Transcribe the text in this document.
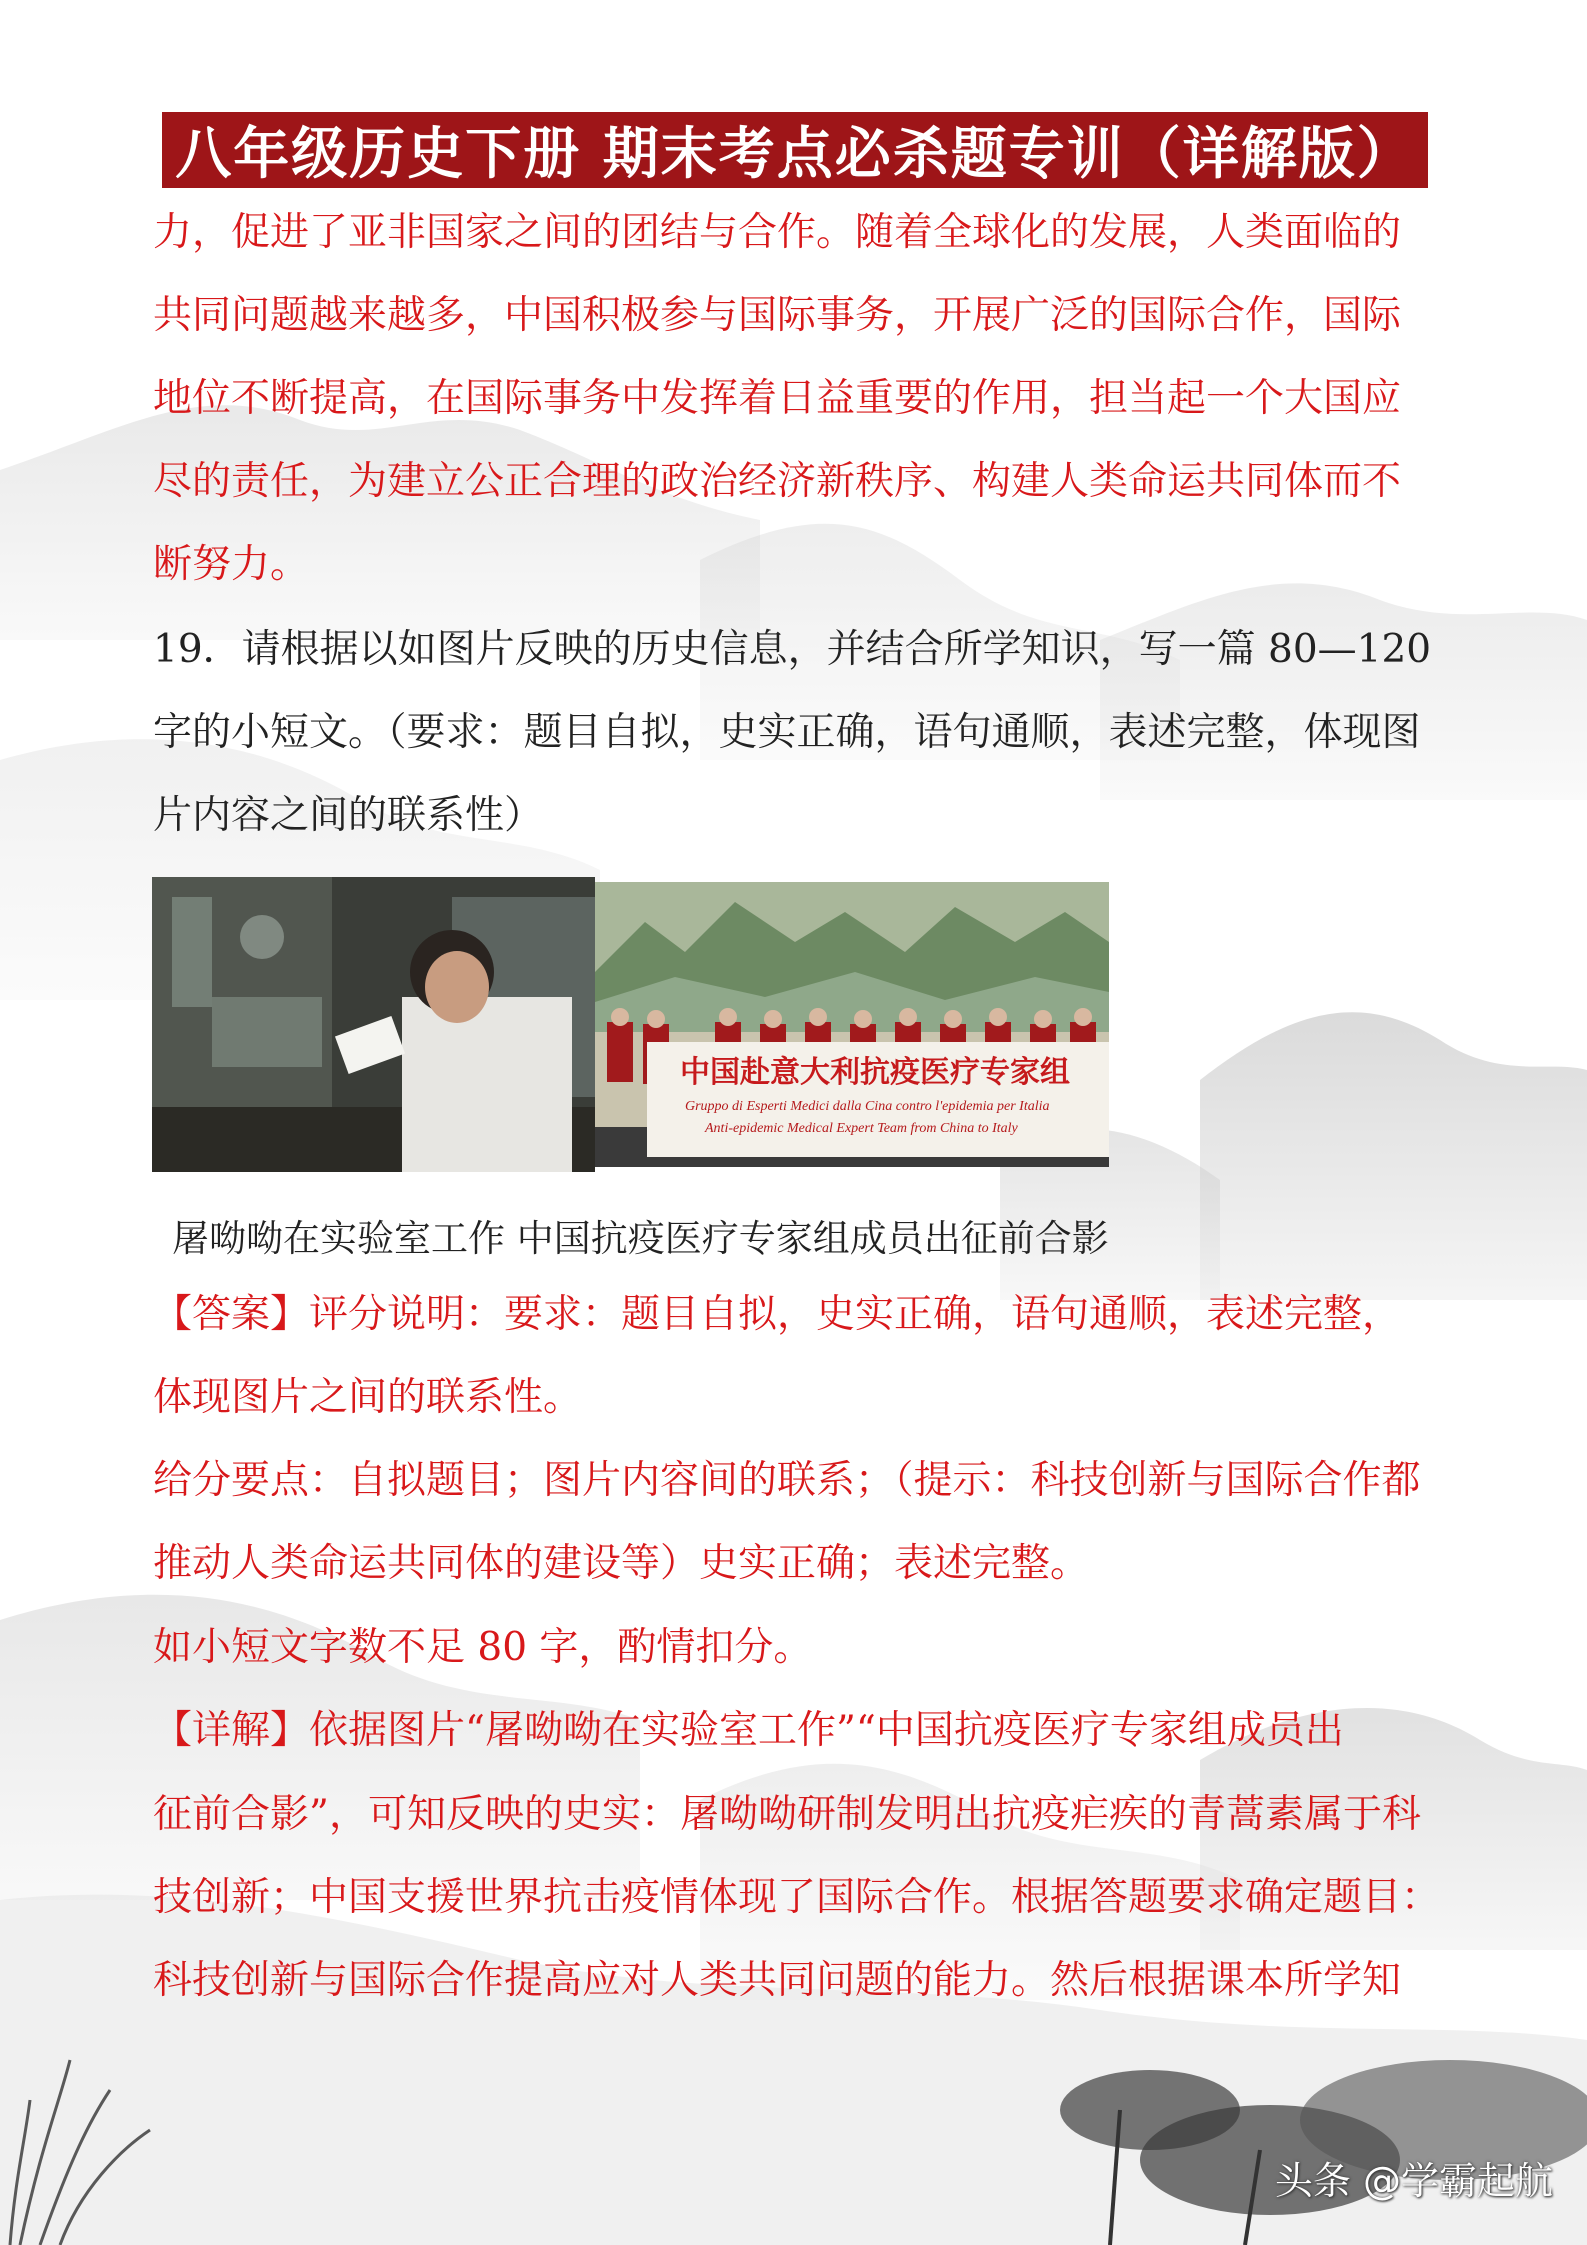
八年级历史下册 期末考点必杀题专训（详解版）
力，促进了亚非国家之间的团结与合作。随着全球化的发展，人类面临的
共同问题越来越多，中国积极参与国际事务，开展广泛的国际合作，国际
地位不断提高，在国际事务中发挥着日益重要的作用，担当起一个大国应
尽的责任，为建立公正合理的政治经济新秩序、构建人类命运共同体而不
断努力。
19．请根据以如图片反映的历史信息，并结合所学知识，写一篇 80—120
字的小短文。（要求：题目自拟，史实正确，语句通顺，表述完整，体现图
片内容之间的联系性）
【答案】评分说明：要求：题目自拟，史实正确，语句通顺，表述完整，
体现图片之间的联系性。
给分要点：自拟题目；图片内容间的联系；（提示：科技创新与国际合作都
推动人类命运共同体的建设等）史实正确；表述完整。
如小短文字数不足 80 字，酌情扣分。
【详解】依据图片“屠呦呦在实验室工作”“中国抗疫医疗专家组成员出
征前合影”，可知反映的史实：屠呦呦研制发明出抗疫疟疾的青蒿素属于科
技创新；中国支援世界抗击疫情体现了国际合作。根据答题要求确定题目：
科技创新与国际合作提高应对人类共同问题的能力。然后根据课本所学知
中国赴意大利抗疫医疗专家组
Gruppo di Esperti Medici dalla Cina contro l'epidemia per Italia
Anti-epidemic Medical Expert Team from China to Italy
屠呦呦在实验室工作 中国抗疫医疗专家组成员出征前合影
头条 @学霸起航
